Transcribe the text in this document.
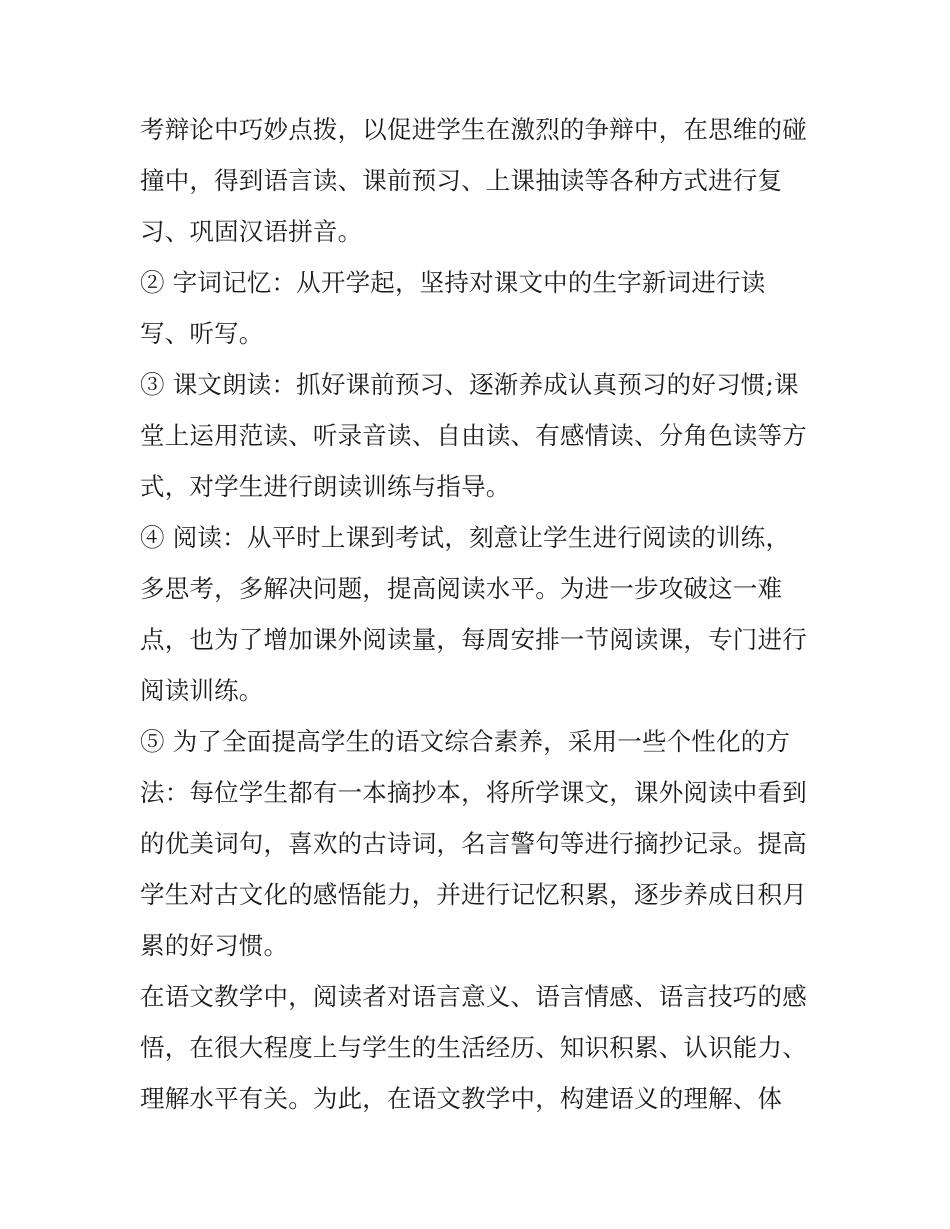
考辩论中巧妙点拨，以促进学生在激烈的争辩中，在思维的碰
撞中，得到语言读、课前预习、上课抽读等各种方式进行复
习、巩固汉语拼音。
② 字词记忆：从开学起，坚持对课文中的生字新词进行读
写、听写。
③ 课文朗读：抓好课前预习、逐渐养成认真预习的好习惯;课
堂上运用范读、听录音读、自由读、有感情读、分角色读等方
式，对学生进行朗读训练与指导。
④ 阅读：从平时上课到考试，刻意让学生进行阅读的训练，
多思考，多解决问题，提高阅读水平。为进一步攻破这一难
点，也为了增加课外阅读量，每周安排一节阅读课，专门进行
阅读训练。
⑤ 为了全面提高学生的语文综合素养，采用一些个性化的方
法：每位学生都有一本摘抄本，将所学课文，课外阅读中看到
的优美词句，喜欢的古诗词，名言警句等进行摘抄记录。提高
学生对古文化的感悟能力，并进行记忆积累，逐步养成日积月
累的好习惯。
在语文教学中，阅读者对语言意义、语言情感、语言技巧的感
悟，在很大程度上与学生的生活经历、知识积累、认识能力、
理解水平有关。为此，在语文教学中，构建语义的理解、体
